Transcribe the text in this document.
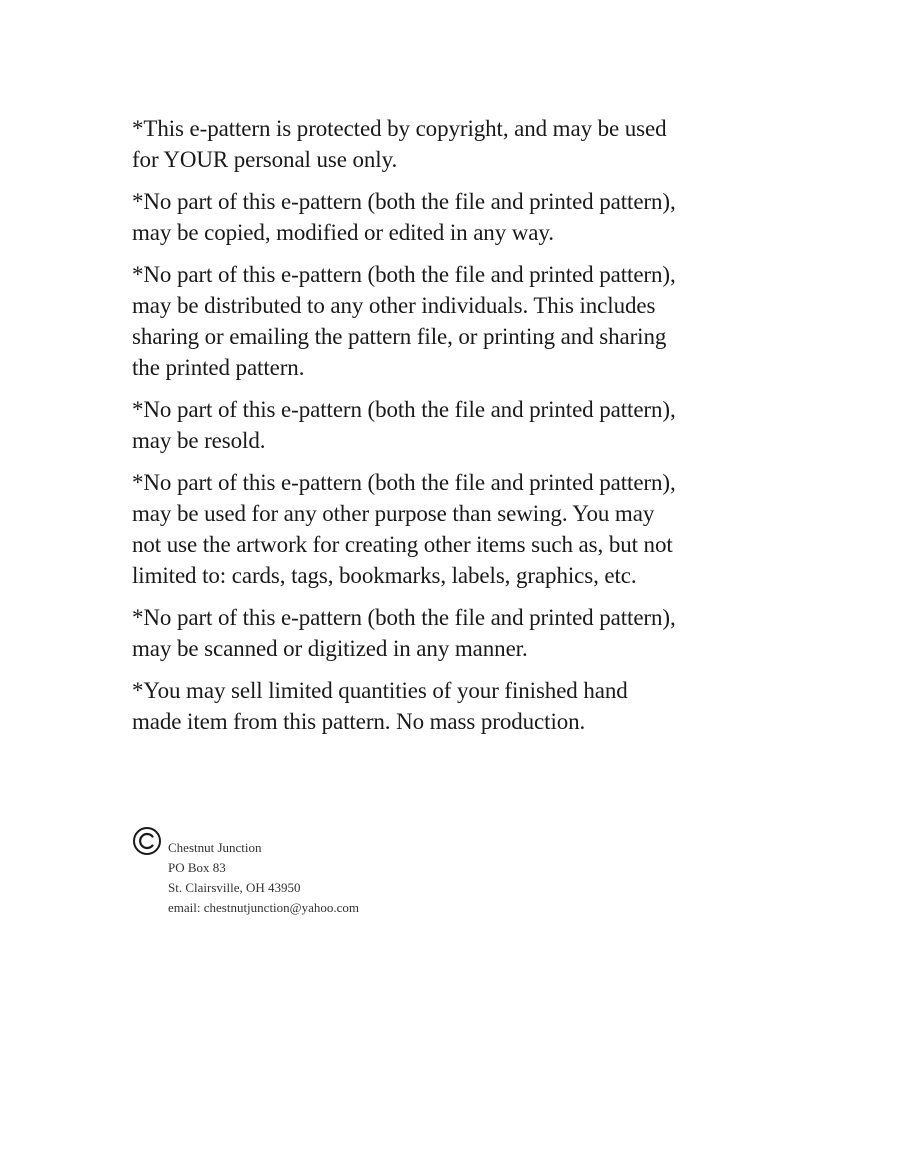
*This e-pattern is protected by copyright, and may be used
for YOUR personal use only.
*No part of this e-pattern (both the file and printed pattern),
may be copied, modified or edited in any way.
*No part of this e-pattern (both the file and printed pattern),
may be distributed to any other individuals. This includes
sharing or emailing the pattern file, or printing and sharing
the printed pattern.
*No part of this e-pattern (both the file and printed pattern),
may be resold.
*No part of this e-pattern (both the file and printed pattern),
may be used for any other purpose than sewing. You may
not use the artwork for creating other items such as, but not
limited to: cards, tags, bookmarks, labels, graphics, etc.
*No part of this e-pattern (both the file and printed pattern),
may be scanned or digitized in any manner.
*You may sell limited quantities of your finished hand
made item from this pattern. No mass production.
Chestnut Junction
PO Box 83
St. Clairsville, OH 43950
email: chestnutjunction@yahoo.com
